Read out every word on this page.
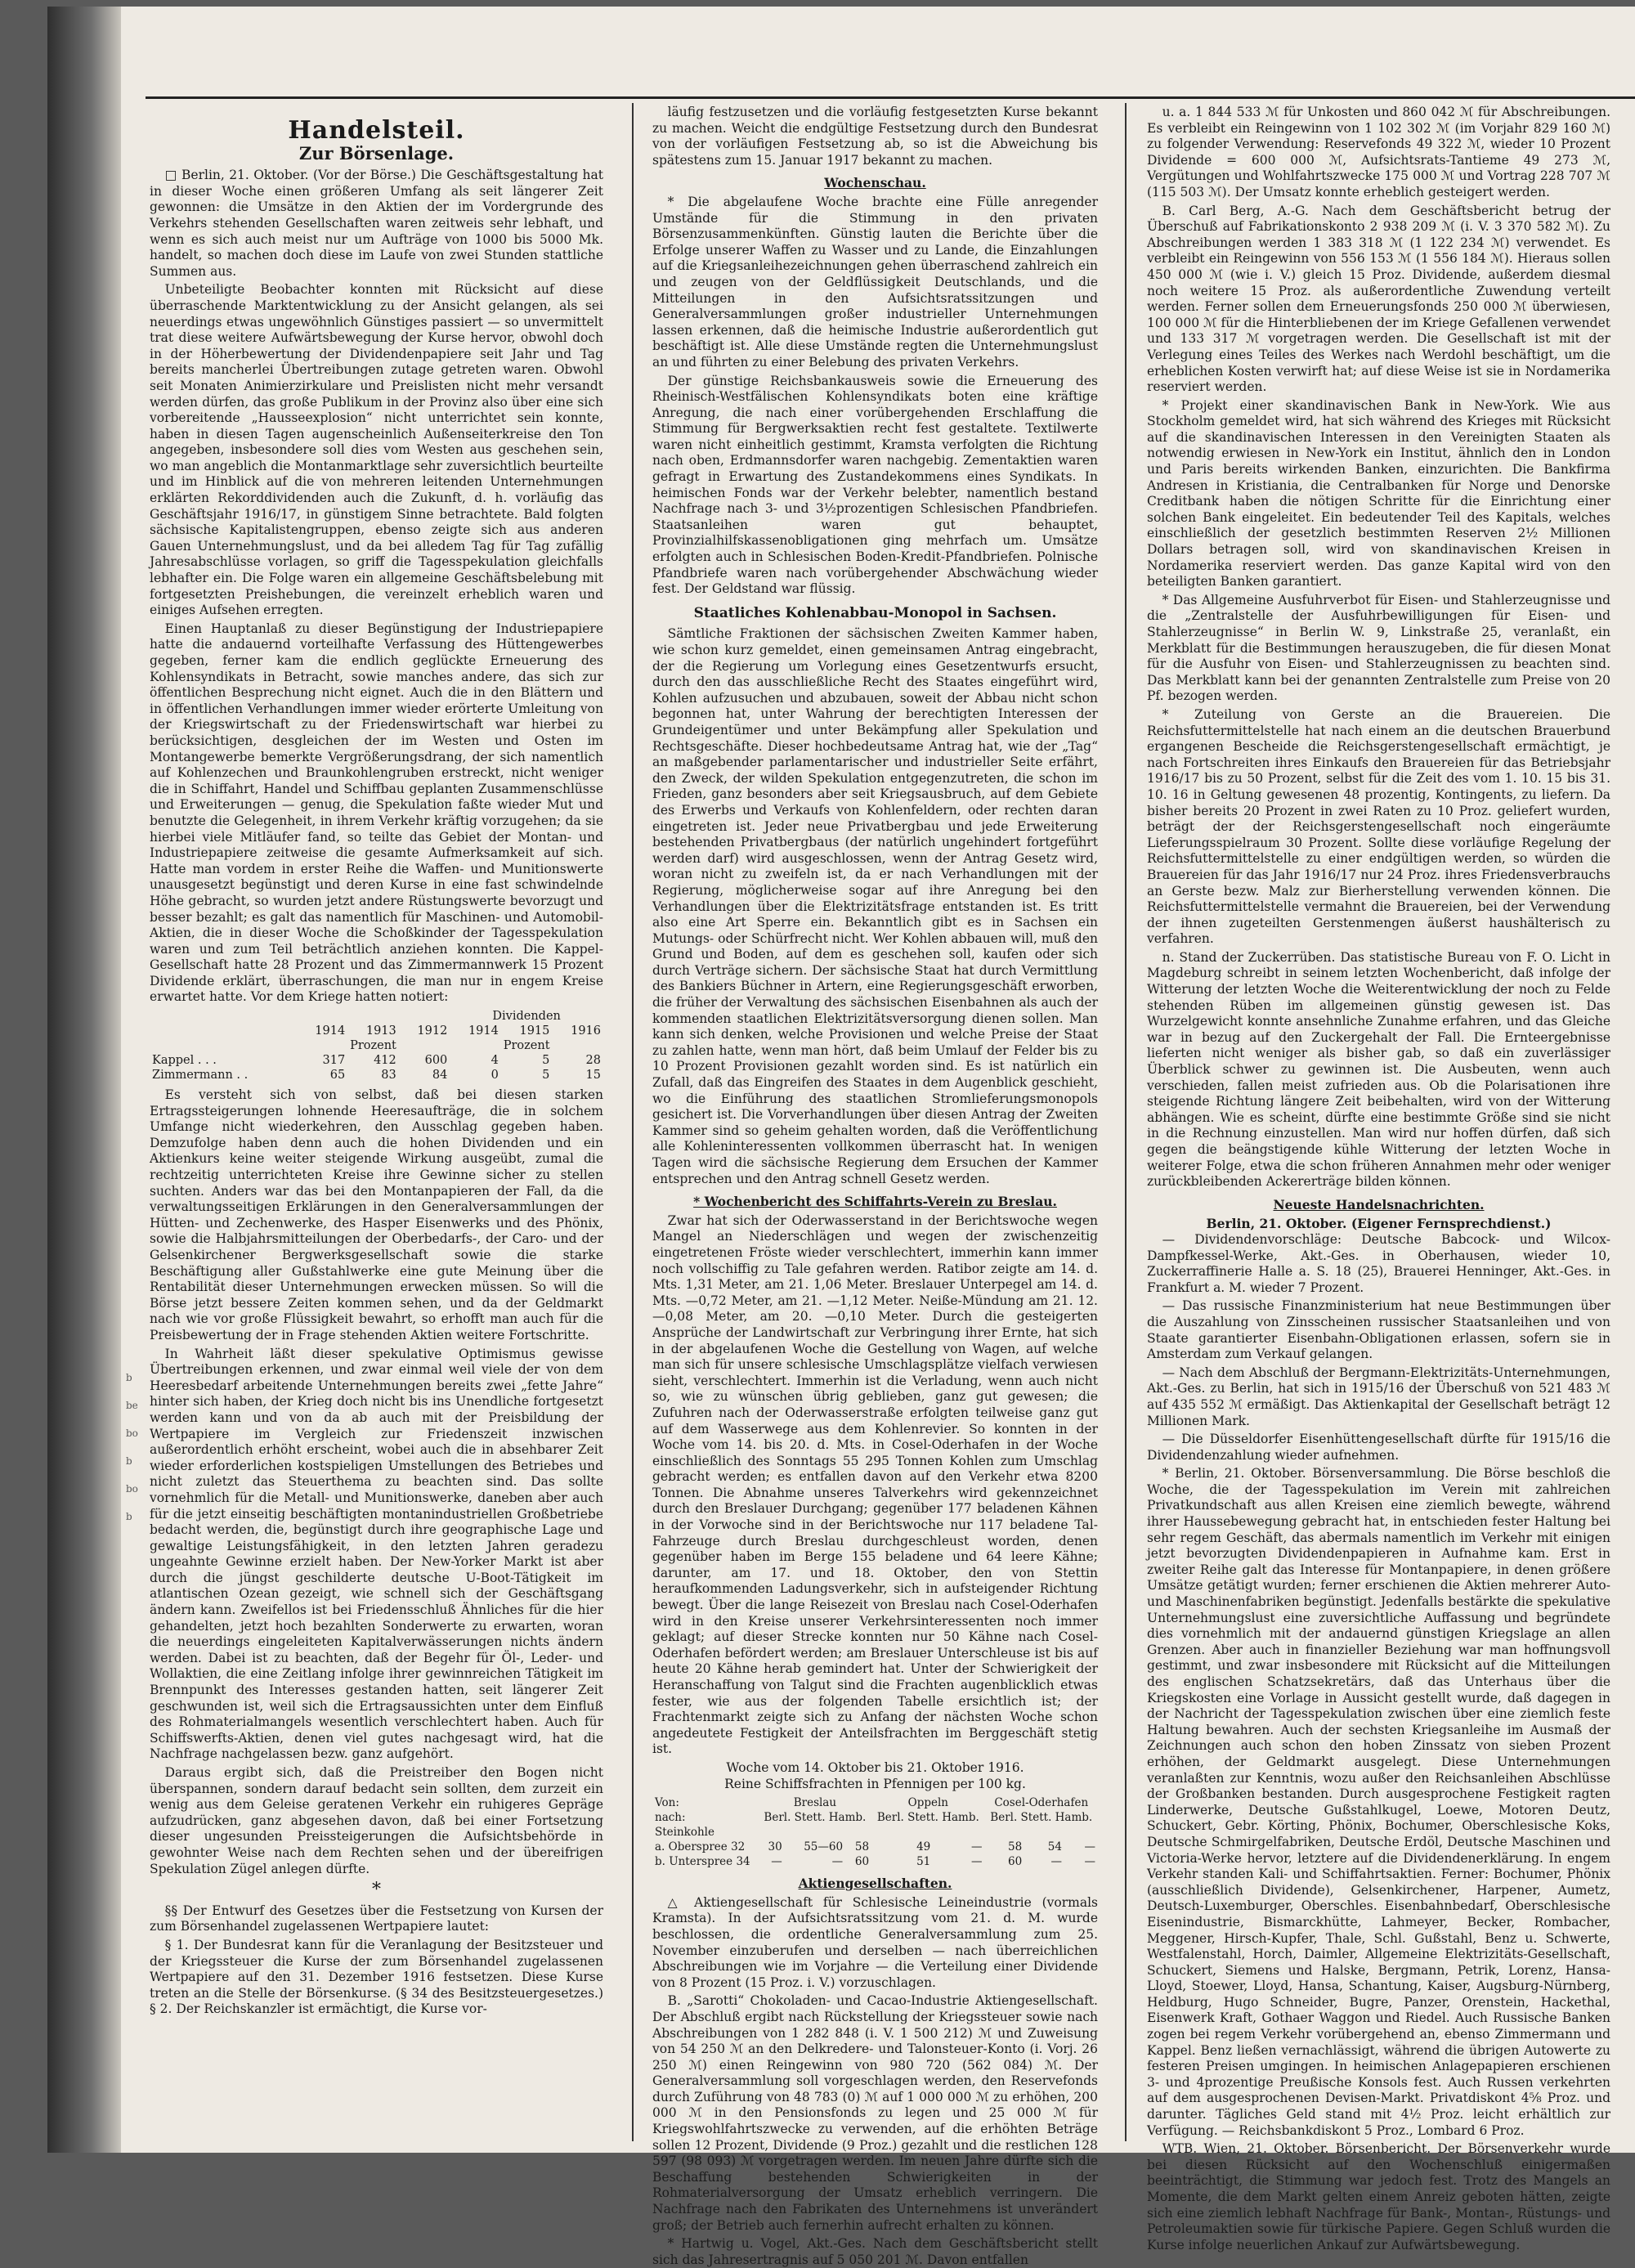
b
be
bo
b
bo
b
Handelsteil.
Zur Börsenlage.

□ Berlin, 21. Oktober. (Vor der Börse.) Die Geschäftsgestaltung hat in dieser Woche einen größeren Umfang als seit längerer Zeit gewonnen: die Umsätze in den Aktien der im Vordergrunde des Verkehrs stehenden Gesellschaften waren zeitweis sehr lebhaft, und wenn es sich auch meist nur um Aufträge von 1000 bis 5000 Mk. handelt, so machen doch diese im Laufe von zwei Stunden stattliche Summen aus.

Unbeteiligte Beobachter konnten mit Rücksicht auf diese überraschende Marktentwicklung zu der Ansicht gelangen, als sei neuerdings etwas ungewöhnlich Günstiges passiert — so unvermittelt trat diese weitere Aufwärtsbewegung der Kurse hervor, obwohl doch in der Höherbewertung der Dividendenpapiere seit Jahr und Tag bereits mancherlei Übertreibungen zutage getreten waren. Obwohl seit Monaten Animierzirkulare und Preislisten nicht mehr versandt werden dürfen, das große Publikum in der Provinz also über eine sich vorbereitende „Hausseexplosion“ nicht unterrichtet sein konnte, haben in diesen Tagen augenscheinlich Außenseiterkreise den Ton angegeben, insbesondere soll dies vom Westen aus geschehen sein, wo man angeblich die Montanmarktlage sehr zuversichtlich beurteilte und im Hinblick auf die von mehreren leitenden Unternehmungen erklärten Rekorddividenden auch die Zukunft, d. h. vorläufig das Geschäftsjahr 1916/17, in günstigem Sinne betrachtete. Bald folgten sächsische Kapitalistengruppen, ebenso zeigte sich aus anderen Gauen Unternehmungslust, und da bei alledem Tag für Tag zufällig Jahresabschlüsse vorlagen, so griff die Tagesspekulation gleichfalls lebhafter ein. Die Folge waren ein allgemeine Geschäftsbelebung mit fortgesetzten Preishebungen, die vereinzelt erheblich waren und einiges Aufsehen erregten.

Einen Hauptanlaß zu dieser Begünstigung der Industriepapiere hatte die andauernd vorteilhafte Verfassung des Hüttengewerbes gegeben, ferner kam die endlich geglückte Erneuerung des Kohlensyndikats in Betracht, sowie manches andere, das sich zur öffentlichen Besprechung nicht eignet. Auch die in den Blättern und in öffentlichen Verhandlungen immer wieder erörterte Umleitung von der Kriegswirtschaft zu der Friedenswirtschaft war hierbei zu berücksichtigen, desgleichen der im Westen und Osten im Montangewerbe bemerkte Vergrößerungsdrang, der sich namentlich auf Kohlenzechen und Braunkohlengruben erstreckt, nicht weniger die in Schiffahrt, Handel und Schiffbau geplanten Zusammenschlüsse und Erweiterungen — genug, die Spekulation faßte wieder Mut und benutzte die Gelegenheit, in ihrem Verkehr kräftig vorzugehen; da sie hierbei viele Mitläufer fand, so teilte das Gebiet der Montan- und Industriepapiere zeitweise die gesamte Aufmerksamkeit auf sich. Hatte man vordem in erster Reihe die Waffen- und Munitionswerte unausgesetzt begünstigt und deren Kurse in eine fast schwindelnde Höhe gebracht, so wurden jetzt andere Rüstungswerte bevorzugt und besser bezahlt; es galt das namentlich für Maschinen- und Automobil-Aktien, die in dieser Woche die Schoßkinder der Tagesspekulation waren und zum Teil beträchtlich anziehen konnten. Die Kappel-Gesellschaft hatte 28 Prozent und das Zimmermannwerk 15 Prozent Dividende erklärt, überraschungen, die man nur in engem Kreise erwartet hatte. Vor dem Kriege hatten notiert:

				Dividenden		
	1914	1913	1912	1914	1915	1916
	Prozent			Prozent		
Kappel . . .	317	412	600	4	5	28
Zimmermann . .	65	83	84	0	5	15

Es versteht sich von selbst, daß bei diesen starken Ertragssteigerungen lohnende Heeresaufträge, die in solchem Umfange nicht wiederkehren, den Ausschlag gegeben haben. Demzufolge haben denn auch die hohen Dividenden und ein Aktienkurs keine weiter steigende Wirkung ausgeübt, zumal die rechtzeitig unterrichteten Kreise ihre Gewinne sicher zu stellen suchten. Anders war das bei den Montanpapieren der Fall, da die verwaltungsseitigen Erklärungen in den Generalversammlungen der Hütten- und Zechenwerke, des Hasper Eisenwerks und des Phönix, sowie die Halbjahrsmitteilungen der Oberbedarfs-, der Caro- und der Gelsenkirchener Bergwerksgesellschaft sowie die starke Beschäftigung aller Gußstahlwerke eine gute Meinung über die Rentabilität dieser Unternehmungen erwecken müssen. So will die Börse jetzt bessere Zeiten kommen sehen, und da der Geldmarkt nach wie vor große Flüssigkeit bewahrt, so erhofft man auch für die Preisbewertung der in Frage stehenden Aktien weitere Fortschritte.

In Wahrheit läßt dieser spekulative Optimismus gewisse Übertreibungen erkennen, und zwar einmal weil viele der von dem Heeresbedarf arbeitende Unternehmungen bereits zwei „fette Jahre“ hinter sich haben, der Krieg doch nicht bis ins Unendliche fortgesetzt werden kann und von da ab auch mit der Preisbildung der Wertpapiere im Vergleich zur Friedenszeit inzwischen außerordentlich erhöht erscheint, wobei auch die in absehbarer Zeit wieder erforderlichen kostspieligen Umstellungen des Betriebes und nicht zuletzt das Steuerthema zu beachten sind. Das sollte vornehmlich für die Metall- und Munitionswerke, daneben aber auch für die jetzt einseitig beschäftigten montanindustriellen Großbetriebe bedacht werden, die, begünstigt durch ihre geographische Lage und gewaltige Leistungsfähigkeit, in den letzten Jahren geradezu ungeahnte Gewinne erzielt haben. Der New-Yorker Markt ist aber durch die jüngst geschilderte deutsche U-Boot-Tätigkeit im atlantischen Ozean gezeigt, wie schnell sich der Geschäftsgang ändern kann. Zweifellos ist bei Friedensschluß Ähnliches für die hier gehandelten, jetzt hoch bezahlten Sonderwerte zu erwarten, woran die neuerdings eingeleiteten Kapitalverwässerungen nichts ändern werden. Dabei ist zu beachten, daß der Begehr für Öl-, Leder- und Wollaktien, die eine Zeitlang infolge ihrer gewinnreichen Tätigkeit im Brennpunkt des Interesses gestanden hatten, seit längerer Zeit geschwunden ist, weil sich die Ertragsaussichten unter dem Einfluß des Rohmaterialmangels wesentlich verschlechtert haben. Auch für Schiffswerfts-Aktien, denen viel gutes nachgesagt wird, hat die Nachfrage nachgelassen bezw. ganz aufgehört.

Daraus ergibt sich, daß die Preistreiber den Bogen nicht überspannen, sondern darauf bedacht sein sollten, dem zurzeit ein wenig aus dem Geleise geratenen Verkehr ein ruhigeres Gepräge aufzudrücken, ganz abgesehen davon, daß bei einer Fortsetzung dieser ungesunden Preissteigerungen die Aufsichtsbehörde in gewohnter Weise nach dem Rechten sehen und der übereifrigen Spekulation Zügel anlegen dürfte.

*

§§ Der Entwurf des Gesetzes über die Festsetzung von Kursen der zum Börsenhandel zugelassenen Wertpapiere lautet:

§ 1. Der Bundesrat kann für die Veranlagung der Besitzsteuer und der Kriegssteuer die Kurse der zum Börsenhandel zugelassenen Wertpapiere auf den 31. Dezember 1916 festsetzen. Diese Kurse treten an die Stelle der Börsenkurse. (§ 34 des Besitzsteuergesetzes.) § 2. Der Reichskanzler ist ermächtigt, die Kurse vor-

läufig festzusetzen und die vorläufig festgesetzten Kurse bekannt zu machen. Weicht die endgültige Festsetzung durch den Bundesrat von der vorläufigen Festsetzung ab, so ist die Abweichung bis spätestens zum 15. Januar 1917 bekannt zu machen.

Wochenschau.

* Die abgelaufene Woche brachte eine Fülle anregender Umstände für die Stimmung in den privaten Börsenzusammenkünften. Günstig lauten die Berichte über die Erfolge unserer Waffen zu Wasser und zu Lande, die Einzahlungen auf die Kriegsanleihezeichnungen gehen überraschend zahlreich ein und zeugen von der Geldflüssigkeit Deutschlands, und die Mitteilungen in den Aufsichtsratssitzungen und Generalversammlungen großer industrieller Unternehmungen lassen erkennen, daß die heimische Industrie außerordentlich gut beschäftigt ist. Alle diese Umstände regten die Unternehmungslust an und führten zu einer Belebung des privaten Verkehrs.

Der günstige Reichsbankausweis sowie die Erneuerung des Rheinisch-Westfälischen Kohlensyndikats boten eine kräftige Anregung, die nach einer vorübergehenden Erschlaffung die Stimmung für Bergwerksaktien recht fest gestaltete. Textilwerte waren nicht einheitlich gestimmt, Kramsta verfolgten die Richtung nach oben, Erdmannsdorfer waren nachgebig. Zementaktien waren gefragt in Erwartung des Zustandekommens eines Syndikats. In heimischen Fonds war der Verkehr belebter, namentlich bestand Nachfrage nach 3- und 3½prozentigen Schlesischen Pfandbriefen. Staatsanleihen waren gut behauptet, Provinzialhilfskassenobligationen ging mehrfach um. Umsätze erfolgten auch in Schlesischen Boden-Kredit-Pfandbriefen. Polnische Pfandbriefe waren nach vorübergehender Abschwächung wieder fest. Der Geldstand war flüssig.

Staatliches Kohlenabbau-Monopol in Sachsen.

Sämtliche Fraktionen der sächsischen Zweiten Kammer haben, wie schon kurz gemeldet, einen gemeinsamen Antrag eingebracht, der die Regierung um Vorlegung eines Gesetzentwurfs ersucht, durch den das ausschließliche Recht des Staates eingeführt wird, Kohlen aufzusuchen und abzubauen, soweit der Abbau nicht schon begonnen hat, unter Wahrung der berechtigten Interessen der Grundeigentümer und unter Bekämpfung aller Spekulation und Rechtsgeschäfte. Dieser hochbedeutsame Antrag hat, wie der „Tag“ an maßgebender parlamentarischer und industrieller Seite erfährt, den Zweck, der wilden Spekulation entgegenzutreten, die schon im Frieden, ganz besonders aber seit Kriegsausbruch, auf dem Gebiete des Erwerbs und Verkaufs von Kohlenfeldern, oder rechten daran eingetreten ist. Jeder neue Privatbergbau und jede Erweiterung bestehenden Privatbergbaus (der natürlich ungehindert fortgeführt werden darf) wird ausgeschlossen, wenn der Antrag Gesetz wird, woran nicht zu zweifeln ist, da er nach Verhandlungen mit der Regierung, möglicherweise sogar auf ihre Anregung bei den Verhandlungen über die Elektrizitätsfrage entstanden ist. Es tritt also eine Art Sperre ein. Bekanntlich gibt es in Sachsen ein Mutungs- oder Schürfrecht nicht. Wer Kohlen abbauen will, muß den Grund und Boden, auf dem es geschehen soll, kaufen oder sich durch Verträge sichern. Der sächsische Staat hat durch Vermittlung des Bankiers Büchner in Artern, eine Regierungsgeschäft erworben, die früher der Verwaltung des sächsischen Eisenbahnen als auch der kommenden staatlichen Elektrizitätsversorgung dienen sollen. Man kann sich denken, welche Provisionen und welche Preise der Staat zu zahlen hatte, wenn man hört, daß beim Umlauf der Felder bis zu 10 Prozent Provisionen gezahlt worden sind. Es ist natürlich ein Zufall, daß das Eingreifen des Staates in dem Augenblick geschieht, wo die Einführung des staatlichen Stromlieferungsmonopols gesichert ist. Die Vorverhandlungen über diesen Antrag der Zweiten Kammer sind so geheim gehalten worden, daß die Veröffentlichung alle Kohleninteressenten vollkommen überrascht hat. In wenigen Tagen wird die sächsische Regierung dem Ersuchen der Kammer entsprechen und den Antrag schnell Gesetz werden.

* Wochenbericht des Schiffahrts-Verein zu Breslau.

Zwar hat sich der Oderwasserstand in der Berichtswoche wegen Mangel an Niederschlägen und wegen der zwischenzeitig eingetretenen Fröste wieder verschlechtert, immerhin kann immer noch vollschiffig zu Tale gefahren werden. Ratibor zeigte am 14. d. Mts. 1,31 Meter, am 21. 1,06 Meter. Breslauer Unterpegel am 14. d. Mts. —0,72 Meter, am 21. —1,12 Meter. Neiße-Mündung am 21. 12. —0,08 Meter, am 20. —0,10 Meter. Durch die gesteigerten Ansprüche der Landwirtschaft zur Verbringung ihrer Ernte, hat sich in der abgelaufenen Woche die Gestellung von Wagen, auf welche man sich für unsere schlesische Umschlagsplätze vielfach verwiesen sieht, verschlechtert. Immerhin ist die Verladung, wenn auch nicht so, wie zu wünschen übrig geblieben, ganz gut gewesen; die Zufuhren nach der Oderwasserstraße erfolgten teilweise ganz gut auf dem Wasserwege aus dem Kohlenrevier. So konnten in der Woche vom 14. bis 20. d. Mts. in Cosel-Oderhafen in der Woche einschließlich des Sonntags 55 295 Tonnen Kohlen zum Umschlag gebracht werden; es entfallen davon auf den Verkehr etwa 8200 Tonnen. Die Abnahme unseres Talverkehrs wird gekennzeichnet durch den Breslauer Durchgang; gegenüber 177 beladenen Kähnen in der Vorwoche sind in der Berichtswoche nur 117 beladene Tal-Fahrzeuge durch Breslau durchgeschleust worden, denen gegenüber haben im Berge 155 beladene und 64 leere Kähne; darunter, am 17. und 18. Oktober, den von Stettin heraufkommenden Ladungsverkehr, sich in aufsteigender Richtung bewegt. Über die lange Reisezeit von Breslau nach Cosel-Oderhafen wird in den Kreise unserer Verkehrsinteressenten noch immer geklagt; auf dieser Strecke konnten nur 50 Kähne nach Cosel-Oderhafen befördert werden; am Breslauer Unterschleuse ist bis auf heute 20 Kähne herab gemindert hat. Unter der Schwierigkeit der Heranschaffung von Talgut sind die Frachten augenblicklich etwas fester, wie aus der folgenden Tabelle ersichtlich ist; der Frachtenmarkt zeigte sich zu Anfang der nächsten Woche schon angedeutete Festigkeit der Anteilsfrachten im Berggeschäft stetig ist.

Woche vom 14. Oktober bis 21. Oktober 1916.
Reine Schiffsfrachten in Pfennigen per 100 kg.
Von:	Breslau			Oppeln		Cosel-Oderhafen		
nach:	Berl. Stett. Hamb.			Berl. Stett. Hamb.		Berl. Stett. Hamb.		
Steinkohle								
a. Oberspree 32	30	55—60	58	49	—	58	54	—
b. Unterspree 34	—	—	60	51	—	60	—	—
Aktiengesellschaften.

△ Aktiengesellschaft für Schlesische Leineindustrie (vormals Kramsta). In der Aufsichtsratssitzung vom 21. d. M. wurde beschlossen, die ordentliche Generalversammlung zum 25. November einzuberufen und derselben — nach überreichlichen Abschreibungen wie im Vorjahre — die Verteilung einer Dividende von 8 Prozent (15 Proz. i. V.) vorzuschlagen.

B. „Sarotti“ Chokoladen- und Cacao-Industrie Aktiengesellschaft. Der Abschluß ergibt nach Rückstellung der Kriegssteuer sowie nach Abschreibungen von 1 282 848 (i. V. 1 500 212) ℳ und Zuweisung von 54 250 ℳ an den Delkredere- und Talonsteuer-Konto (i. Vorj. 26 250 ℳ) einen Reingewinn von 980 720 (562 084) ℳ. Der Generalversammlung soll vorgeschlagen werden, den Reservefonds durch Zuführung von 48 783 (0) ℳ auf 1 000 000 ℳ zu erhöhen, 200 000 ℳ in den Pensionsfonds zu legen und 25 000 ℳ für Kriegswohlfahrtszwecke zu verwenden, auf die erhöhten Beträge sollen 12 Prozent, Dividende (9 Proz.) gezahlt und die restlichen 128 597 (98 093) ℳ vorgetragen werden. Im neuen Jahre dürfte sich die Beschaffung bestehenden Schwierigkeiten in der Rohmaterialversorgung der Umsatz erheblich verringern. Die Nachfrage nach den Fabrikaten des Unternehmens ist unverändert groß; der Betrieb auch fernerhin aufrecht erhalten zu können.

* Hartwig u. Vogel, Akt.-Ges. Nach dem Geschäftsbericht stellt sich das Jahresertragnis auf 5 050 201 ℳ. Davon entfallen

u. a. 1 844 533 ℳ für Unkosten und 860 042 ℳ für Abschreibungen. Es verbleibt ein Reingewinn von 1 102 302 ℳ (im Vorjahr 829 160 ℳ) zu folgender Verwendung: Reservefonds 49 322 ℳ, wieder 10 Prozent Dividende = 600 000 ℳ, Aufsichtsrats-Tantieme 49 273 ℳ, Vergütungen und Wohlfahrtszwecke 175 000 ℳ und Vortrag 228 707 ℳ (115 503 ℳ). Der Umsatz konnte erheblich gesteigert werden.

B. Carl Berg, A.-G. Nach dem Geschäftsbericht betrug der Überschuß auf Fabrikationskonto 2 938 209 ℳ (i. V. 3 370 582 ℳ). Zu Abschreibungen werden 1 383 318 ℳ (1 122 234 ℳ) verwendet. Es verbleibt ein Reingewinn von 556 153 ℳ (1 556 184 ℳ). Hieraus sollen 450 000 ℳ (wie i. V.) gleich 15 Proz. Dividende, außerdem diesmal noch weitere 15 Proz. als außerordentliche Zuwendung verteilt werden. Ferner sollen dem Erneuerungsfonds 250 000 ℳ überwiesen, 100 000 ℳ für die Hinterbliebenen der im Kriege Gefallenen verwendet und 133 317 ℳ vorgetragen werden. Die Gesellschaft ist mit der Verlegung eines Teiles des Werkes nach Werdohl beschäftigt, um die erheblichen Kosten verwirft hat; auf diese Weise ist sie in Nordamerika reserviert werden.

* Projekt einer skandinavischen Bank in New-York. Wie aus Stockholm gemeldet wird, hat sich während des Krieges mit Rücksicht auf die skandinavischen Interessen in den Vereinigten Staaten als notwendig erwiesen in New-York ein Institut, ähnlich den in London und Paris bereits wirkenden Banken, einzurichten. Die Bankfirma Andresen in Kristiania, die Centralbanken für Norge und Denorske Creditbank haben die nötigen Schritte für die Einrichtung einer solchen Bank eingeleitet. Ein bedeutender Teil des Kapitals, welches einschließlich der gesetzlich bestimmten Reserven 2½ Millionen Dollars betragen soll, wird von skandinavischen Kreisen in Nordamerika reserviert werden. Das ganze Kapital wird von den beteiligten Banken garantiert.

* Das Allgemeine Ausfuhrverbot für Eisen- und Stahlerzeugnisse und die „Zentralstelle der Ausfuhrbewilligungen für Eisen- und Stahlerzeugnisse“ in Berlin W. 9, Linkstraße 25, veranlaßt, ein Merkblatt für die Bestimmungen herauszugeben, die für diesen Monat für die Ausfuhr von Eisen- und Stahlerzeugnissen zu beachten sind. Das Merkblatt kann bei der genannten Zentralstelle zum Preise von 20 Pf. bezogen werden.

* Zuteilung von Gerste an die Brauereien. Die Reichsfuttermittelstelle hat nach einem an die deutschen Brauerbund ergangenen Bescheide die Reichsgerstengesellschaft ermächtigt, je nach Fortschreiten ihres Einkaufs den Brauereien für das Betriebsjahr 1916/17 bis zu 50 Prozent, selbst für die Zeit des vom 1. 10. 15 bis 31. 10. 16 in Geltung gewesenen 48 prozentig, Kontingents, zu liefern. Da bisher bereits 20 Prozent in zwei Raten zu 10 Proz. geliefert wurden, beträgt der der Reichsgerstengesellschaft noch eingeräumte Lieferungsspielraum 30 Prozent. Sollte diese vorläufige Regelung der Reichsfuttermittelstelle zu einer endgültigen werden, so würden die Brauereien für das Jahr 1916/17 nur 24 Proz. ihres Friedensverbrauchs an Gerste bezw. Malz zur Bierherstellung verwenden können. Die Reichsfuttermittelstelle vermahnt die Brauereien, bei der Verwendung der ihnen zugeteilten Gerstenmengen äußerst haushälterisch zu verfahren.

n. Stand der Zuckerrüben. Das statistische Bureau von F. O. Licht in Magdeburg schreibt in seinem letzten Wochenbericht, daß infolge der Witterung der letzten Woche die Weiterentwicklung der noch zu Felde stehenden Rüben im allgemeinen günstig gewesen ist. Das Wurzelgewicht konnte ansehnliche Zunahme erfahren, und das Gleiche war in bezug auf den Zuckergehalt der Fall. Die Ernteergebnisse lieferten nicht weniger als bisher gab, so daß ein zuverlässiger Überblick schwer zu gewinnen ist. Die Ausbeuten, wenn auch verschieden, fallen meist zufrieden aus. Ob die Polarisationen ihre steigende Richtung längere Zeit beibehalten, wird von der Witterung abhängen. Wie es scheint, dürfte eine bestimmte Größe sind sie nicht in die Rechnung einzustellen. Man wird nur hoffen dürfen, daß sich gegen die beängstigende kühle Witterung der letzten Woche in weiterer Folge, etwa die schon früheren Annahmen mehr oder weniger zurückbleibenden Ackererträge bilden können.

Neueste Handelsnachrichten.
Berlin, 21. Oktober. (Eigener Fernsprechdienst.)

— Dividendenvorschläge: Deutsche Babcock- und Wilcox-Dampfkessel-Werke, Akt.-Ges. in Oberhausen, wieder 10, Zuckerraffinerie Halle a. S. 18 (25), Brauerei Henninger, Akt.-Ges. in Frankfurt a. M. wieder 7 Prozent.

— Das russische Finanzministerium hat neue Bestimmungen über die Auszahlung von Zinsscheinen russischer Staatsanleihen und von Staate garantierter Eisenbahn-Obligationen erlassen, sofern sie in Amsterdam zum Verkauf gelangen.

— Nach dem Abschluß der Bergmann-Elektrizitäts-Unternehmungen, Akt.-Ges. zu Berlin, hat sich in 1915/16 der Überschuß von 521 483 ℳ auf 435 552 ℳ ermäßigt. Das Aktienkapital der Gesellschaft beträgt 12 Millionen Mark.

— Die Düsseldorfer Eisenhüttengesellschaft dürfte für 1915/16 die Dividendenzahlung wieder aufnehmen.

* Berlin, 21. Oktober. Börsenversammlung. Die Börse beschloß die Woche, die der Tagesspekulation im Verein mit zahlreichen Privatkundschaft aus allen Kreisen eine ziemlich bewegte, während ihrer Haussebewegung gebracht hat, in entschieden fester Haltung bei sehr regem Geschäft, das abermals namentlich im Verkehr mit einigen jetzt bevorzugten Dividendenpapieren in Aufnahme kam. Erst in zweiter Reihe galt das Interesse für Montanpapiere, in denen größere Umsätze getätigt wurden; ferner erschienen die Aktien mehrerer Auto- und Maschinenfabriken begünstigt. Jedenfalls bestärkte die spekulative Unternehmungslust eine zuversichtliche Auffassung und begründete dies vornehmlich mit der andauernd günstigen Kriegslage an allen Grenzen. Aber auch in finanzieller Beziehung war man hoffnungsvoll gestimmt, und zwar insbesondere mit Rücksicht auf die Mitteilungen des englischen Schatzsekretärs, daß das Unterhaus über die Kriegskosten eine Vorlage in Aussicht gestellt wurde, daß dagegen in der Nachricht der Tagesspekulation zwischen über eine ziemlich feste Haltung bewahren. Auch der sechsten Kriegsanleihe im Ausmaß der Zeichnungen auch schon den hoben Zinssatz von sieben Prozent erhöhen, der Geldmarkt ausgelegt. Diese Unternehmungen veranlaßten zur Kenntnis, wozu außer den Reichsanleihen Abschlüsse der Großbanken bestanden. Durch ausgesprochene Festigkeit ragten Linderwerke, Deutsche Gußstahlkugel, Loewe, Motoren Deutz, Schuckert, Gebr. Körting, Phönix, Bochumer, Oberschlesische Koks, Deutsche Schmirgelfabriken, Deutsche Erdöl, Deutsche Maschinen und Victoria-Werke hervor, letztere auf die Dividendenerklärung. In engem Verkehr standen Kali- und Schiffahrtsaktien. Ferner: Bochumer, Phönix (ausschließlich Dividende), Gelsenkirchener, Harpener, Aumetz, Deutsch-Luxemburger, Oberschles. Eisenbahnbedarf, Oberschlesische Eisenindustrie, Bismarckhütte, Lahmeyer, Becker, Rombacher, Meggener, Hirsch-Kupfer, Thale, Schl. Gußstahl, Benz u. Schwerte, Westfalenstahl, Horch, Daimler, Allgemeine Elektrizitäts-Gesellschaft, Schuckert, Siemens und Halske, Bergmann, Petrik, Lorenz, Hansa-Lloyd, Stoewer, Lloyd, Hansa, Schantung, Kaiser, Augsburg-Nürnberg, Heldburg, Hugo Schneider, Bugre, Panzer, Orenstein, Hackethal, Eisenwerk Kraft, Gothaer Waggon und Riedel. Auch Russische Banken zogen bei regem Verkehr vorübergehend an, ebenso Zimmermann und Kappel. Benz ließen vernachlässigt, während die übrigen Autowerte zu festeren Preisen umgingen. In heimischen Anlagepapieren erschienen 3- und 4prozentige Preußische Konsols fest. Auch Russen verkehrten auf dem ausgesprochenen Devisen-Markt. Privatdiskont 4⅝ Proz. und darunter. Tägliches Geld stand mit 4½ Proz. leicht erhältlich zur Verfügung. — Reichsbankdiskont 5 Proz., Lombard 6 Proz.

WTB. Wien, 21. Oktober. Börsenbericht. Der Börsenverkehr wurde bei diesen Rücksicht auf den Wochenschluß einigermaßen beeinträchtigt, die Stimmung war jedoch fest. Trotz des Mangels an Momente, die dem Markt gelten einem Anreiz geboten hätten, zeigte sich eine ziemlich lebhaft Nachfrage für Bank-, Montan-, Rüstungs- und Petroleumaktien sowie für türkische Papiere. Gegen Schluß wurden die Kurse infolge neuerlichen Ankauf zur Aufwärtsbewegung.
